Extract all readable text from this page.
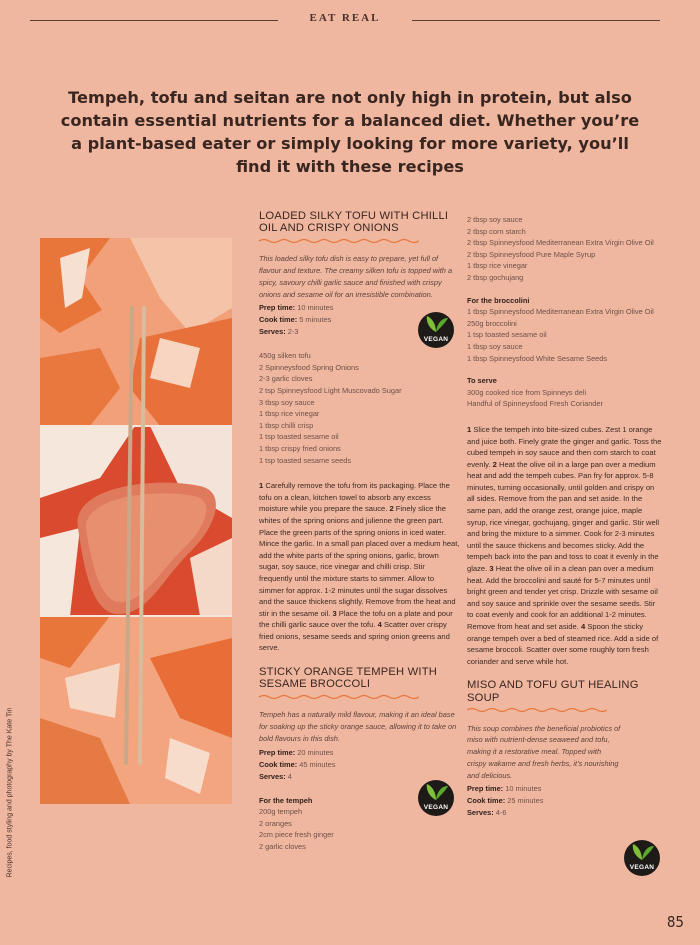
EAT REAL
Tempeh, tofu and seitan are not only high in protein, but also contain essential nutrients for a balanced diet. Whether you’re a plant-based eater or simply looking for more variety, you’ll find it with these recipes
Recipes, food styling and photography by The Kate Tin
LOADED SILKY TOFU WITH CHILLI OIL AND CRISPY ONIONS

This loaded silky tofu dish is easy to prepare, yet full of flavour and texture. The creamy silken tofu is topped with a spicy, savoury chilli garlic sauce and finished with crispy onions and sesame oil for an irresistible combination.

Prep time: 10 minutes

Cook time: 5 minutes

Serves: 2-3

450g silken tofu

2 Spinneysfood Spring Onions

2-3 garlic cloves

2 tsp Spinneysfood Light Muscovado Sugar

3 tbsp soy sauce

1 tbsp rice vinegar

1 tbsp chilli crisp

1 tsp toasted sesame oil

1 tbsp crispy fried onions

1 tsp toasted sesame seeds

1 Carefully remove the tofu from its packaging. Place the tofu on a clean, kitchen towel to absorb any excess moisture while you prepare the sauce. 2 Finely slice the whites of the spring onions and julienne the green part. Place the green parts of the spring onions in iced water. Mince the garlic. In a small pan placed over a medium heat, add the white parts of the spring onions, garlic, brown sugar, soy sauce, rice vinegar and chilli crisp. Stir frequently until the mixture starts to simmer. Allow to simmer for approx. 1-2 minutes until the sugar dissolves and the sauce thickens slightly. Remove from the heat and stir in the sesame oil. 3 Place the tofu on a plate and pour the chilli garlic sauce over the tofu. 4 Scatter over crispy fried onions, sesame seeds and spring onion greens and serve.

STICKY ORANGE TEMPEH WITH SESAME BROCCOLI

Tempeh has a naturally mild flavour, making it an ideal base for soaking up the sticky orange sauce, allowing it to take on bold flavours in this dish.

Prep time: 20 minutes

Cook time: 45 minutes

Serves: 4

For the tempeh

200g tempeh

2 oranges

2cm piece fresh ginger

2 garlic cloves

2 tbsp soy sauce

2 tbsp corn starch

2 tbsp Spinneysfood Mediterranean Extra Virgin Olive Oil

2 tbsp Spinneysfood Pure Maple Syrup

1 tbsp rice vinegar

2 tbsp gochujang

For the broccolini

1 tbsp Spinneysfood Mediterranean Extra Virgin Olive Oil

250g broccolini

1 tsp toasted sesame oil

1 tbsp soy sauce

1 tbsp Spinneysfood White Sesame Seeds

To serve

300g cooked rice from Spinneys deli

Handful of Spinneysfood Fresh Coriander

1 Slice the tempeh into bite-sized cubes. Zest 1 orange and juice both. Finely grate the ginger and garlic. Toss the cubed tempeh in soy sauce and then corn starch to coat evenly. 2 Heat the olive oil in a large pan over a medium heat and add the tempeh cubes. Pan fry for approx. 5-8 minutes, turning occasionally, until golden and crispy on all sides. Remove from the pan and set aside. In the same pan, add the orange zest, orange juice, maple syrup, rice vinegar, gochujang, ginger and garlic. Stir well and bring the mixture to a simmer. Cook for 2-3 minutes until the sauce thickens and becomes sticky. Add the tempeh back into the pan and toss to coat it evenly in the glaze. 3 Heat the olive oil in a clean pan over a medium heat. Add the broccolini and sauté for 5-7 minutes until bright green and tender yet crisp. Drizzle with sesame oil and soy sauce and sprinkle over the sesame seeds. Stir to coat evenly and cook for an additional 1-2 minutes. Remove from heat and set aside. 4 Spoon the sticky orange tempeh over a bed of steamed rice. Add a side of sesame broccoli. Scatter over some roughly torn fresh coriander and serve while hot.

MISO AND TOFU GUT HEALING SOUP

This soup combines the beneficial probiotics of miso with nutrient-dense seaweed and tofu, making it a restorative meal. Topped with crispy wakame and fresh herbs, it’s nourishing and delicious.

Prep time: 10 minutes

Cook time: 25 minutes

Serves: 4-6

VEGAN
VEGAN
VEGAN
85
